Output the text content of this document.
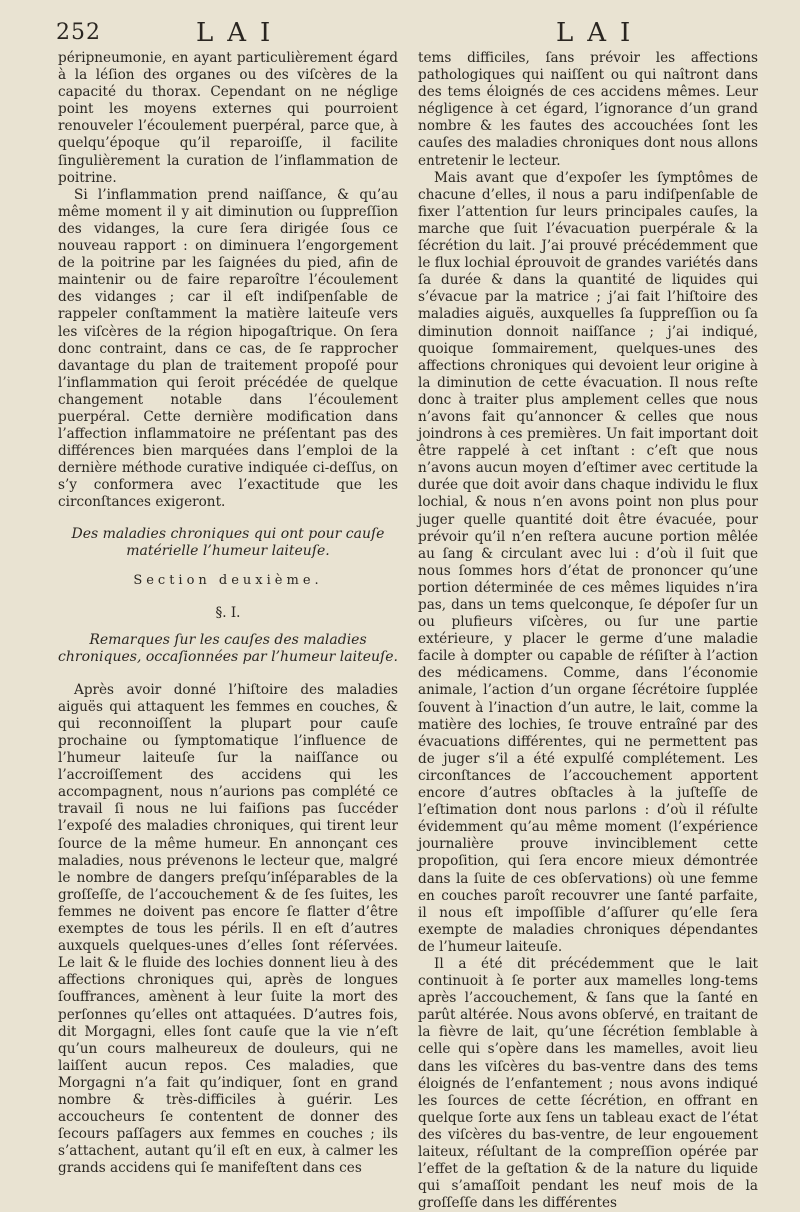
252	LAI	LAI

péripneumonie, en ayant particulièrement égard à la léſion des organes ou des viſcères de la capacité du thorax. Cependant on ne néglige point les moyens externes qui pourroient renouveler l’écoulement puerpéral, parce que, à quelqu’époque qu’il reparoiſſe, il facilite ſingulièrement la curation de l’inflammation de poitrine.

Si l’inflammation prend naiſſance, & qu’au même moment il y ait diminution ou ſuppreſſion des vidanges, la cure ſera dirigée ſous ce nouveau rapport : on diminuera l’engorgement de la poitrine par les ſaignées du pied, afin de maintenir ou de faire reparoître l’écoulement des vidanges ; car il eſt indiſpenſable de rappeler conſtamment la matière laiteuſe vers les viſcères de la région hipogaſtrique. On ſera donc contraint, dans ce cas, de ſe rapprocher davantage du plan de traitement propoſé pour l’inflammation qui ſeroit précédée de quelque changement notable dans l’écoulement puerpéral. Cette dernière modification dans l’affection inflammatoire ne préſentant pas des différences bien marquées dans l’emploi de la dernière méthode curative indiquée ci-deſſus, on s’y conformera avec l’exactitude que les circonſtances exigeront.

Des maladies chroniques qui ont pour cauſe matérielle l’humeur laiteuſe.
Section deuxième.
§. I.
Remarques ſur les cauſes des maladies chroniques, occaſionnées par l’humeur laiteuſe.

Après avoir donné l’hiſtoire des maladies aiguës qui attaquent les femmes en couches, & qui reconnoiſſent la plupart pour cauſe prochaine ou ſymptomatique l’influence de l’humeur laiteuſe ſur la naiſſance ou l’accroiſſement des accidens qui les accompagnent, nous n’aurions pas complété ce travail ſi nous ne lui faiſions pas ſuccéder l’expoſé des maladies chroniques, qui tirent leur ſource de la même humeur. En annonçant ces maladies, nous prévenons le lecteur que, malgré le nombre de dangers preſqu’inſéparables de la groſſeſſe, de l’accouchement & de ſes ſuites, les femmes ne doivent pas encore ſe flatter d’être exemptes de tous les périls. Il en eſt d’autres auxquels quelques-unes d’elles ſont réſervées. Le lait & le fluide des lochies donnent lieu à des affections chroniques qui, après de longues ſouffrances, amènent à leur ſuite la mort des perſonnes qu’elles ont attaquées. D’autres fois, dit Morgagni, elles ſont cauſe que la vie n’eſt qu’un cours malheureux de douleurs, qui ne laiſſent aucun repos. Ces maladies, que Morgagni n’a fait qu’indiquer, ſont en grand nombre & très-difficiles à guérir. Les accoucheurs ſe contentent de donner des ſecours paſſagers aux femmes en couches ; ils s’attachent, autant qu’il eſt en eux, à calmer les grands accidens qui ſe manifeſtent dans ces

tems difficiles, ſans prévoir les affections pathologiques qui naiſſent ou qui naîtront dans des tems éloignés de ces accidens mêmes. Leur négligence à cet égard, l’ignorance d’un grand nombre & les fautes des accouchées ſont les cauſes des maladies chroniques dont nous allons entretenir le lecteur.

Mais avant que d’expoſer les ſymptômes de chacune d’elles, il nous a paru indiſpenſable de fixer l’attention ſur leurs principales cauſes, la marche que ſuit l’évacuation puerpérale & la ſécrétion du lait. J’ai prouvé précédemment que le flux lochial éprouvoit de grandes variétés dans ſa durée & dans la quantité de liquides qui s’évacue par la matrice ; j’ai fait l’hiſtoire des maladies aiguës, auxquelles ſa ſuppreſſion ou ſa diminution donnoit naiſſance ; j’ai indiqué, quoique ſommairement, quelques-unes des affections chroniques qui devoient leur origine à la diminution de cette évacuation. Il nous reſte donc à traiter plus amplement celles que nous n’avons fait qu’annoncer & celles que nous joindrons à ces premières. Un fait important doit être rappelé à cet inſtant : c’eſt que nous n’avons aucun moyen d’eſtimer avec certitude la durée que doit avoir dans chaque individu le flux lochial, & nous n’en avons point non plus pour juger quelle quantité doit être évacuée, pour prévoir qu’il n’en reſtera aucune portion mêlée au ſang & circulant avec lui : d’où il ſuit que nous ſommes hors d’état de prononcer qu’une portion déterminée de ces mêmes liquides n’ira pas, dans un tems quelconque, ſe dépoſer ſur un ou plufieurs viſcères, ou ſur une partie extérieure, y placer le germe d’une maladie facile à dompter ou capable de réſiſter à l’action des médicamens. Comme, dans l’économie animale, l’action d’un organe ſécrétoire ſupplée ſouvent à l’inaction d’un autre, le lait, comme la matière des lochies, ſe trouve entraîné par des évacuations différentes, qui ne permettent pas de juger s’il a été expulſé complétement. Les circonſtances de l’accouchement apportent encore d’autres obſtacles à la juſteſſe de l’eſtimation dont nous parlons : d’où il réſulte évidemment qu’au même moment (l’expérience journalière prouve invinciblement cette propoſition, qui ſera encore mieux démontrée dans la ſuite de ces obſervations) où une femme en couches paroît recouvrer une ſanté parfaite, il nous eſt impoſſible d’aſſurer qu’elle ſera exempte de maladies chroniques dépendantes de l’humeur laiteuſe.

Il a été dit précédemment que le lait continuoit à ſe porter aux mamelles long-tems après l’accouchement, & ſans que la ſanté en parût altérée. Nous avons obſervé, en traitant de la fièvre de lait, qu’une ſécrétion ſemblable à celle qui s’opère dans les mamelles, avoit lieu dans les viſcères du bas-ventre dans des tems éloignés de l’enfantement ; nous avons indiqué les ſources de cette ſécrétion, en offrant en quelque ſorte aux ſens un tableau exact de l’état des viſcères du bas-ventre, de leur engouement laiteux, réſultant de la compreſſion opérée par l’effet de la geſtation & de la nature du liquide qui s’amaſſoit pendant les neuf mois de la groſſeſſe dans les différentes
